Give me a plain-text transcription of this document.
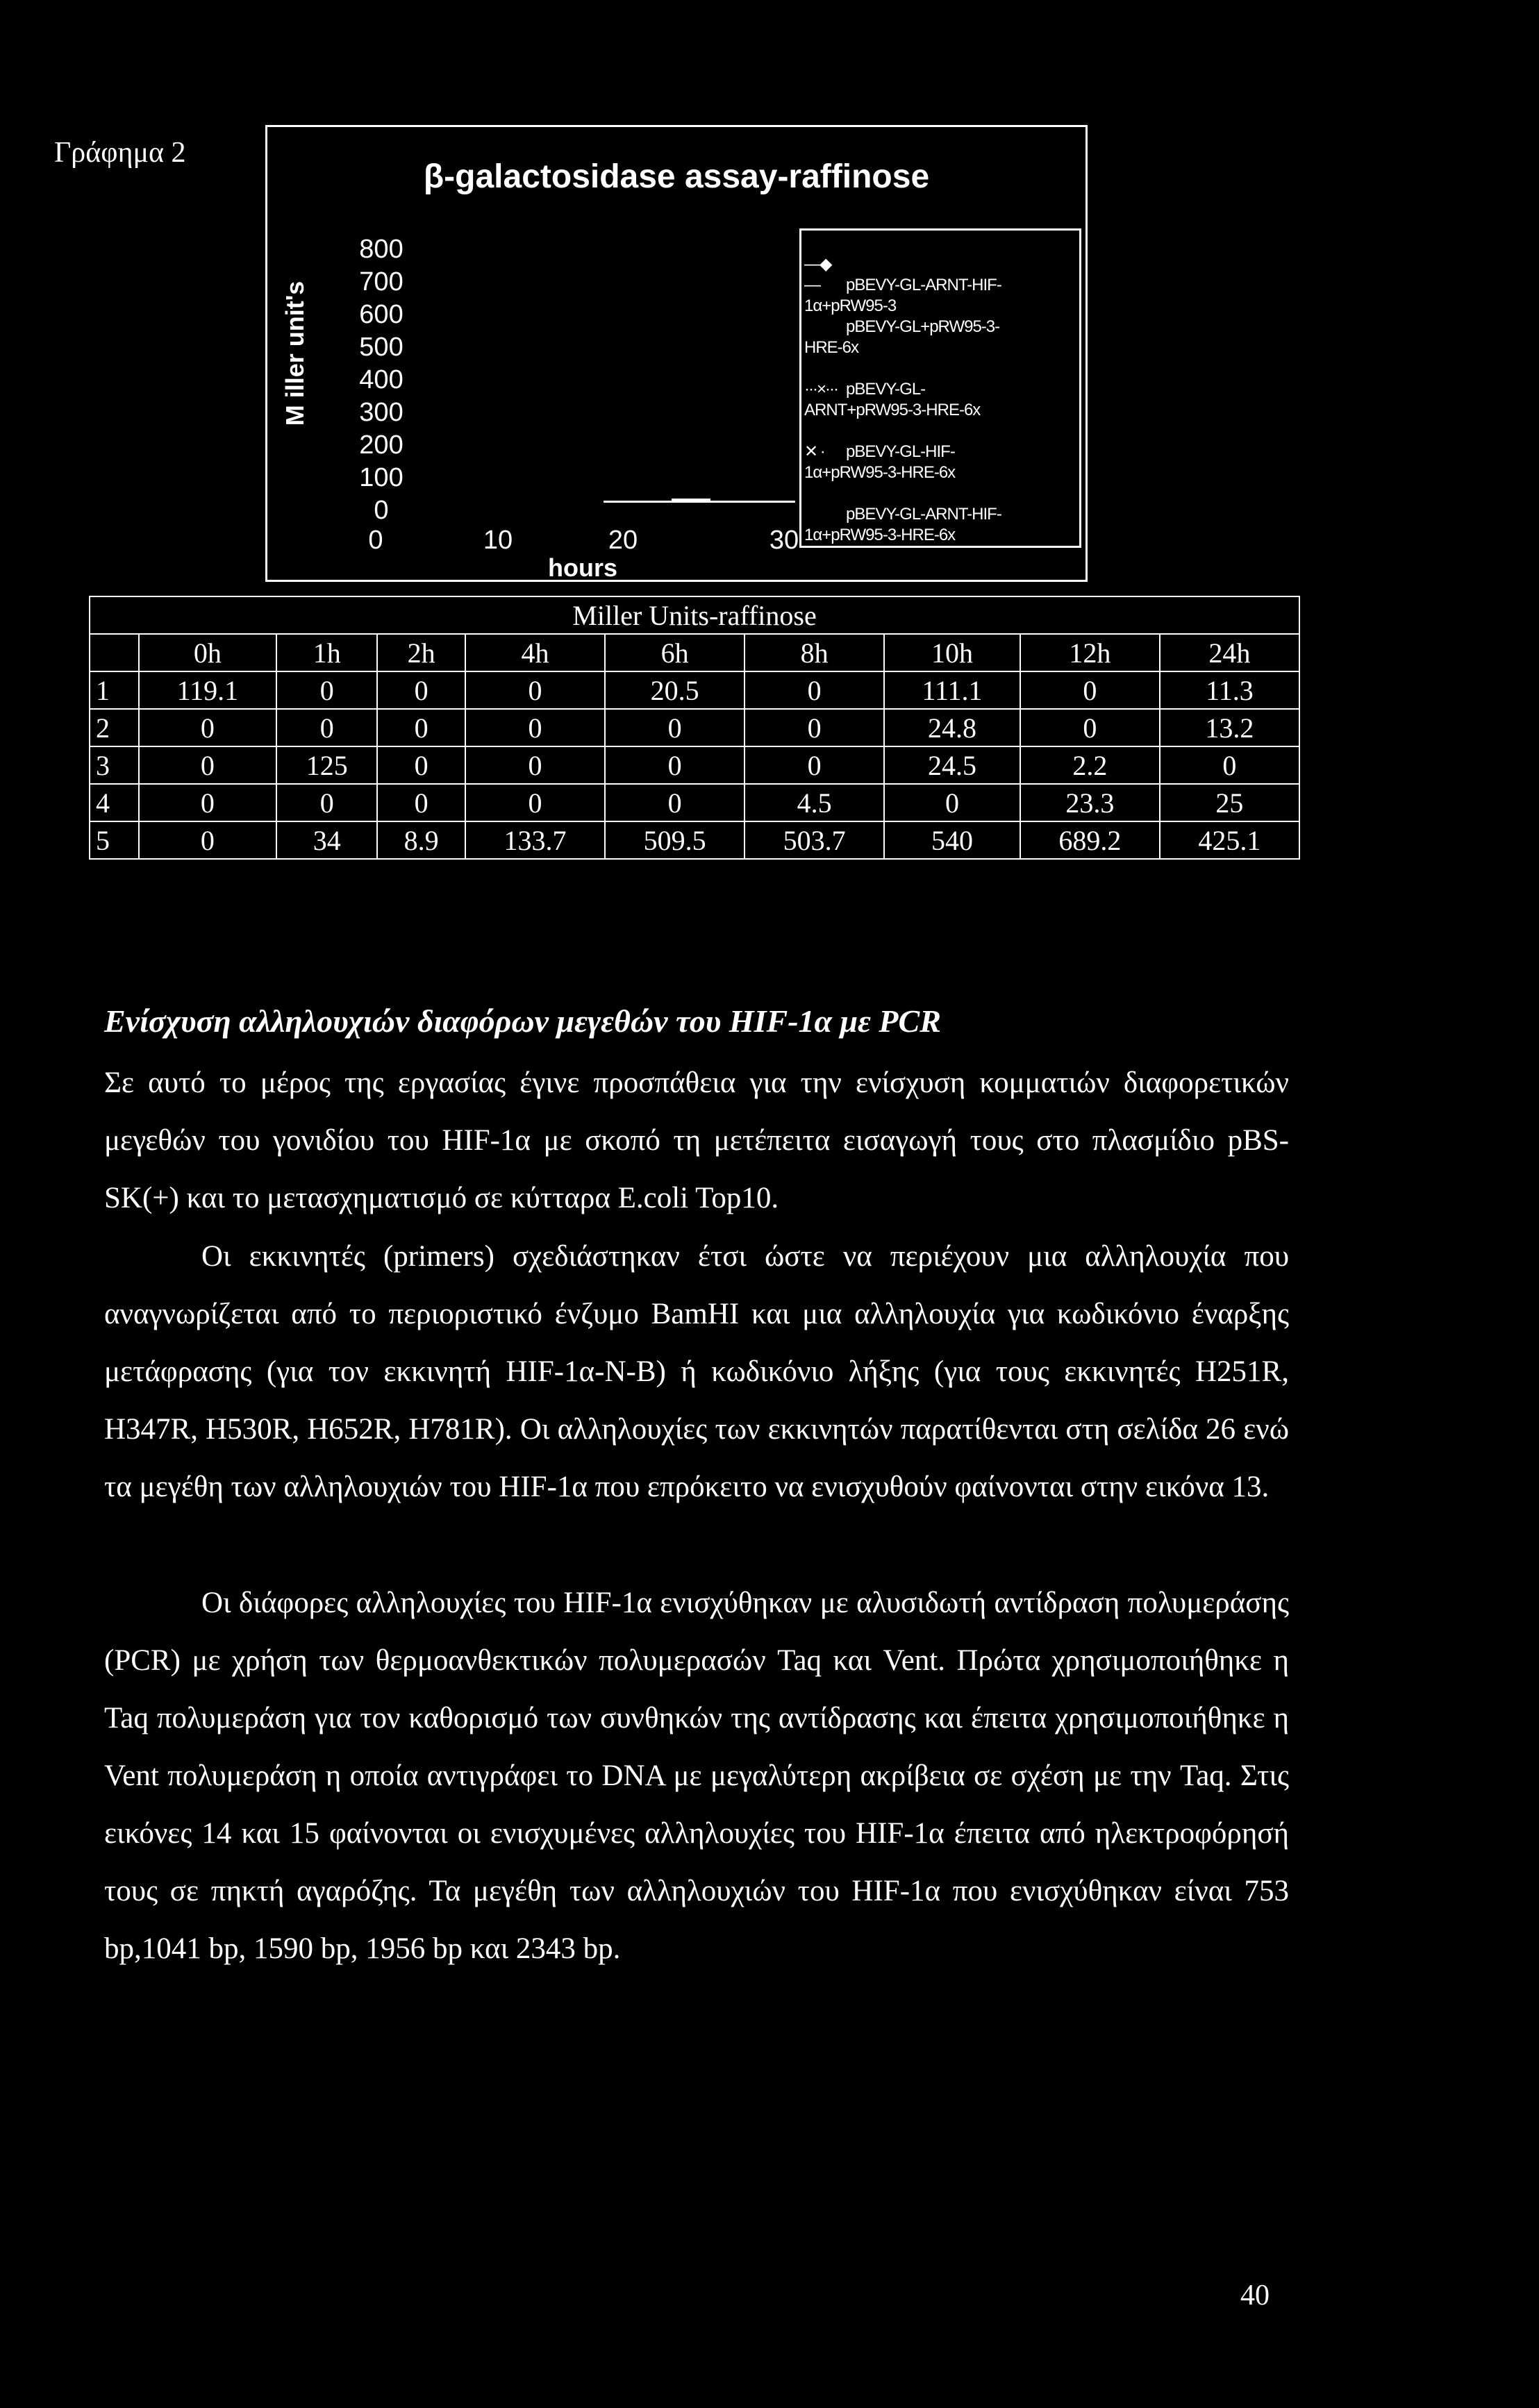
Γράφημα 2
β-galactosidase assay-raffinose
M iller unit's
800
700
600
500
400
300
200
100
0
0	10	20	30
hours

—◆— pBEVY-GL-ARNT-HIF-
1α+pRW95-3

pBEVY-GL+pRW95-3-
HRE-6x

···×··· pBEVY-GL-
ARNT+pRW95-3-HRE-6x

✕ · pBEVY-GL-HIF-
1α+pRW95-3-HRE-6x

pBEVY-GL-ARNT-HIF-
1α+pRW95-3-HRE-6x

Miller Units-raffinose									
	0h	1h	2h	4h	6h	8h	10h	12h	24h
1	119.1	0	0	0	20.5	0	111.1	0	11.3
2	0	0	0	0	0	0	24.8	0	13.2
3	0	125	0	0	0	0	24.5	2.2	0
4	0	0	0	0	0	4.5	0	23.3	25
5	0	34	8.9	133.7	509.5	503.7	540	689.2	425.1
Ενίσχυση αλληλουχιών διαφόρων μεγεθών του HIF-1α με PCR
Σε αυτό το μέρος της εργασίας έγινε προσπάθεια για την ενίσχυση κομματιών διαφορετικών μεγεθών του γονιδίου του HIF-1α με σκοπό τη μετέπειτα εισαγωγή τους στο πλασμίδιο pBS-SK(+) και το μετασχηματισμό σε κύτταρα E.coli Top10.
Οι εκκινητές (primers) σχεδιάστηκαν έτσι ώστε να περιέχουν μια αλληλουχία που αναγνωρίζεται από το περιοριστικό ένζυμο BamHI και μια αλληλουχία για κωδικόνιο έναρξης μετάφρασης (για τον εκκινητή HIF-1α-N-B) ή κωδικόνιο λήξης (για τους εκκινητές H251R, H347R, H530R, H652R, H781R). Οι αλληλουχίες των εκκινητών παρατίθενται στη σελίδα 26 ενώ τα μεγέθη των αλληλουχιών του HIF-1α που επρόκειτο να ενισχυθούν φαίνονται στην εικόνα 13.
Οι διάφορες αλληλουχίες του HIF-1α ενισχύθηκαν με αλυσιδωτή αντίδραση πολυμεράσης (PCR) με χρήση των θερμοανθεκτικών πολυμερασών Taq και Vent. Πρώτα χρησιμοποιήθηκε η Taq πολυμεράση για τον καθορισμό των συνθηκών της αντίδρασης και έπειτα χρησιμοποιήθηκε η Vent πολυμεράση η οποία αντιγράφει το DNA με μεγαλύτερη ακρίβεια σε σχέση με την Taq. Στις εικόνες 14 και 15 φαίνονται οι ενισχυμένες αλληλουχίες του HIF-1α έπειτα από ηλεκτροφόρησή τους σε πηκτή αγαρόζης. Τα μεγέθη των αλληλουχιών του HIF-1α που ενισχύθηκαν είναι 753 bp,1041 bp, 1590 bp, 1956 bp και 2343 bp.
40
